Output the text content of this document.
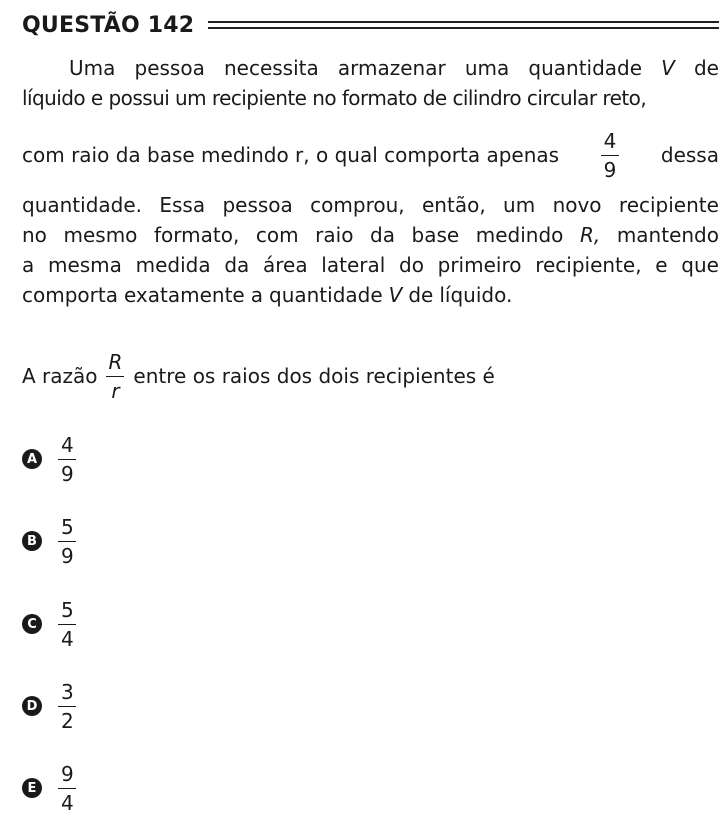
QUESTÃO 142
Uma pessoa necessita armazenar uma quantidade V de
líquido e possui um recipiente no formato de cilindro circular reto,
com raio da base medindo r, o qual comporta apenas $\frac{4}{9}$ dessa
quantidade. Essa pessoa comprou, então, um novo recipiente
no mesmo formato, com raio da base medindo R, mantendo
a mesma medida da área lateral do primeiro recipiente, e que
comporta exatamente a quantidade V de líquido.
A razão $\frac{R}{r}$ entre os raios dos dois recipientes é
A $\frac{4}{9}$
B $\frac{5}{9}$
C $\frac{5}{4}$
D $\frac{3}{2}$
E $\frac{9}{4}$
